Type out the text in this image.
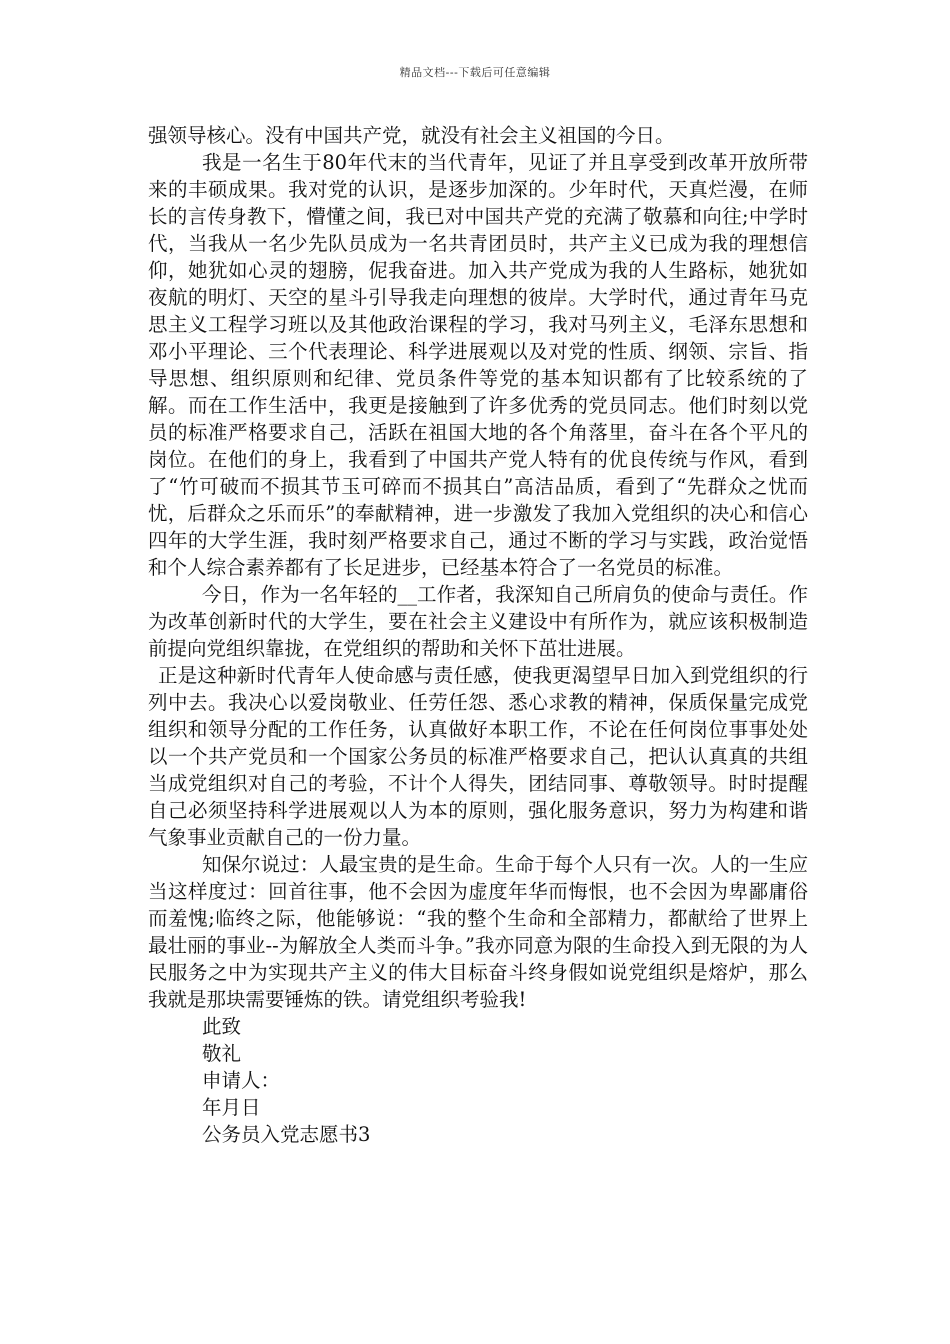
精品文档---下载后可任意编辑

强领导核心。没有中国共产党，就没有社会主义祖国的今日。

我是一名生于80年代末的当代青年，见证了并且享受到改革开放所带来的丰硕成果。我对党的认识，是逐步加深的。少年时代，天真烂漫，在师长的言传身教下，懵懂之间，我已对中国共产党的充满了敬慕和向往;中学时代，当我从一名少先队员成为一名共青团员时，共产主义已成为我的理想信仰，她犹如心灵的翅膀，伲我奋进。加入共产党成为我的人生路标，她犹如夜航的明灯、天空的星斗引导我走向理想的彼岸。大学时代，通过青年马克思主义工程学习班以及其他政治课程的学习，我对马列主义，毛泽东思想和邓小平理论、三个代表理论、科学进展观以及对党的性质、纲领、宗旨、指导思想、组织原则和纪律、党员条件等党的基本知识都有了比较系统的了解。而在工作生活中，我更是接触到了许多优秀的党员同志。他们时刻以党员的标准严格要求自己，活跃在祖国大地的各个角落里，奋斗在各个平凡的岗位。在他们的身上，我看到了中国共产党人特有的优良传统与作风，看到了“竹可破而不损其节玉可碎而不损其白”高洁品质，看到了“先群众之忧而忧，后群众之乐而乐”的奉献精神，进一步激发了我加入党组织的决心和信心四年的大学生涯，我时刻严格要求自己，通过不断的学习与实践，政治觉悟和个人综合素养都有了长足进步，已经基本符合了一名党员的标准。

今日，作为一名年轻的__工作者，我深知自己所肩负的使命与责任。作为改革创新时代的大学生，要在社会主义建设中有所作为，就应该积极制造前提向党组织靠拢，在党组织的帮助和关怀下茁壮进展。

正是这种新时代青年人使命感与责任感，使我更渴望早日加入到党组织的行列中去。我决心以爱岗敬业、任劳任怨、悉心求教的精神，保质保量完成党组织和领导分配的工作任务，认真做好本职工作，不论在任何岗位事事处处以一个共产党员和一个国家公务员的标准严格要求自己，把认认真真的共组当成党组织对自己的考验，不计个人得失，团结同事、尊敬领导。时时提醒自己必须坚持科学进展观以人为本的原则，强化服务意识，努力为构建和谐气象事业贡献自己的一份力量。

知保尔说过：人最宝贵的是生命。生命于每个人只有一次。人的一生应当这样度过：回首往事，他不会因为虚度年华而悔恨，也不会因为卑鄙庸俗而羞愧;临终之际，他能够说：“我的整个生命和全部精力，都献给了世界上最壮丽的事业--为解放全人类而斗争。”我亦同意为限的生命投入到无限的为人民服务之中为实现共产主义的伟大目标奋斗终身假如说党组织是熔炉，那么我就是那块需要锤炼的铁。请党组织考验我!

此致

敬礼

申请人：

年月日

公务员入党志愿书3
